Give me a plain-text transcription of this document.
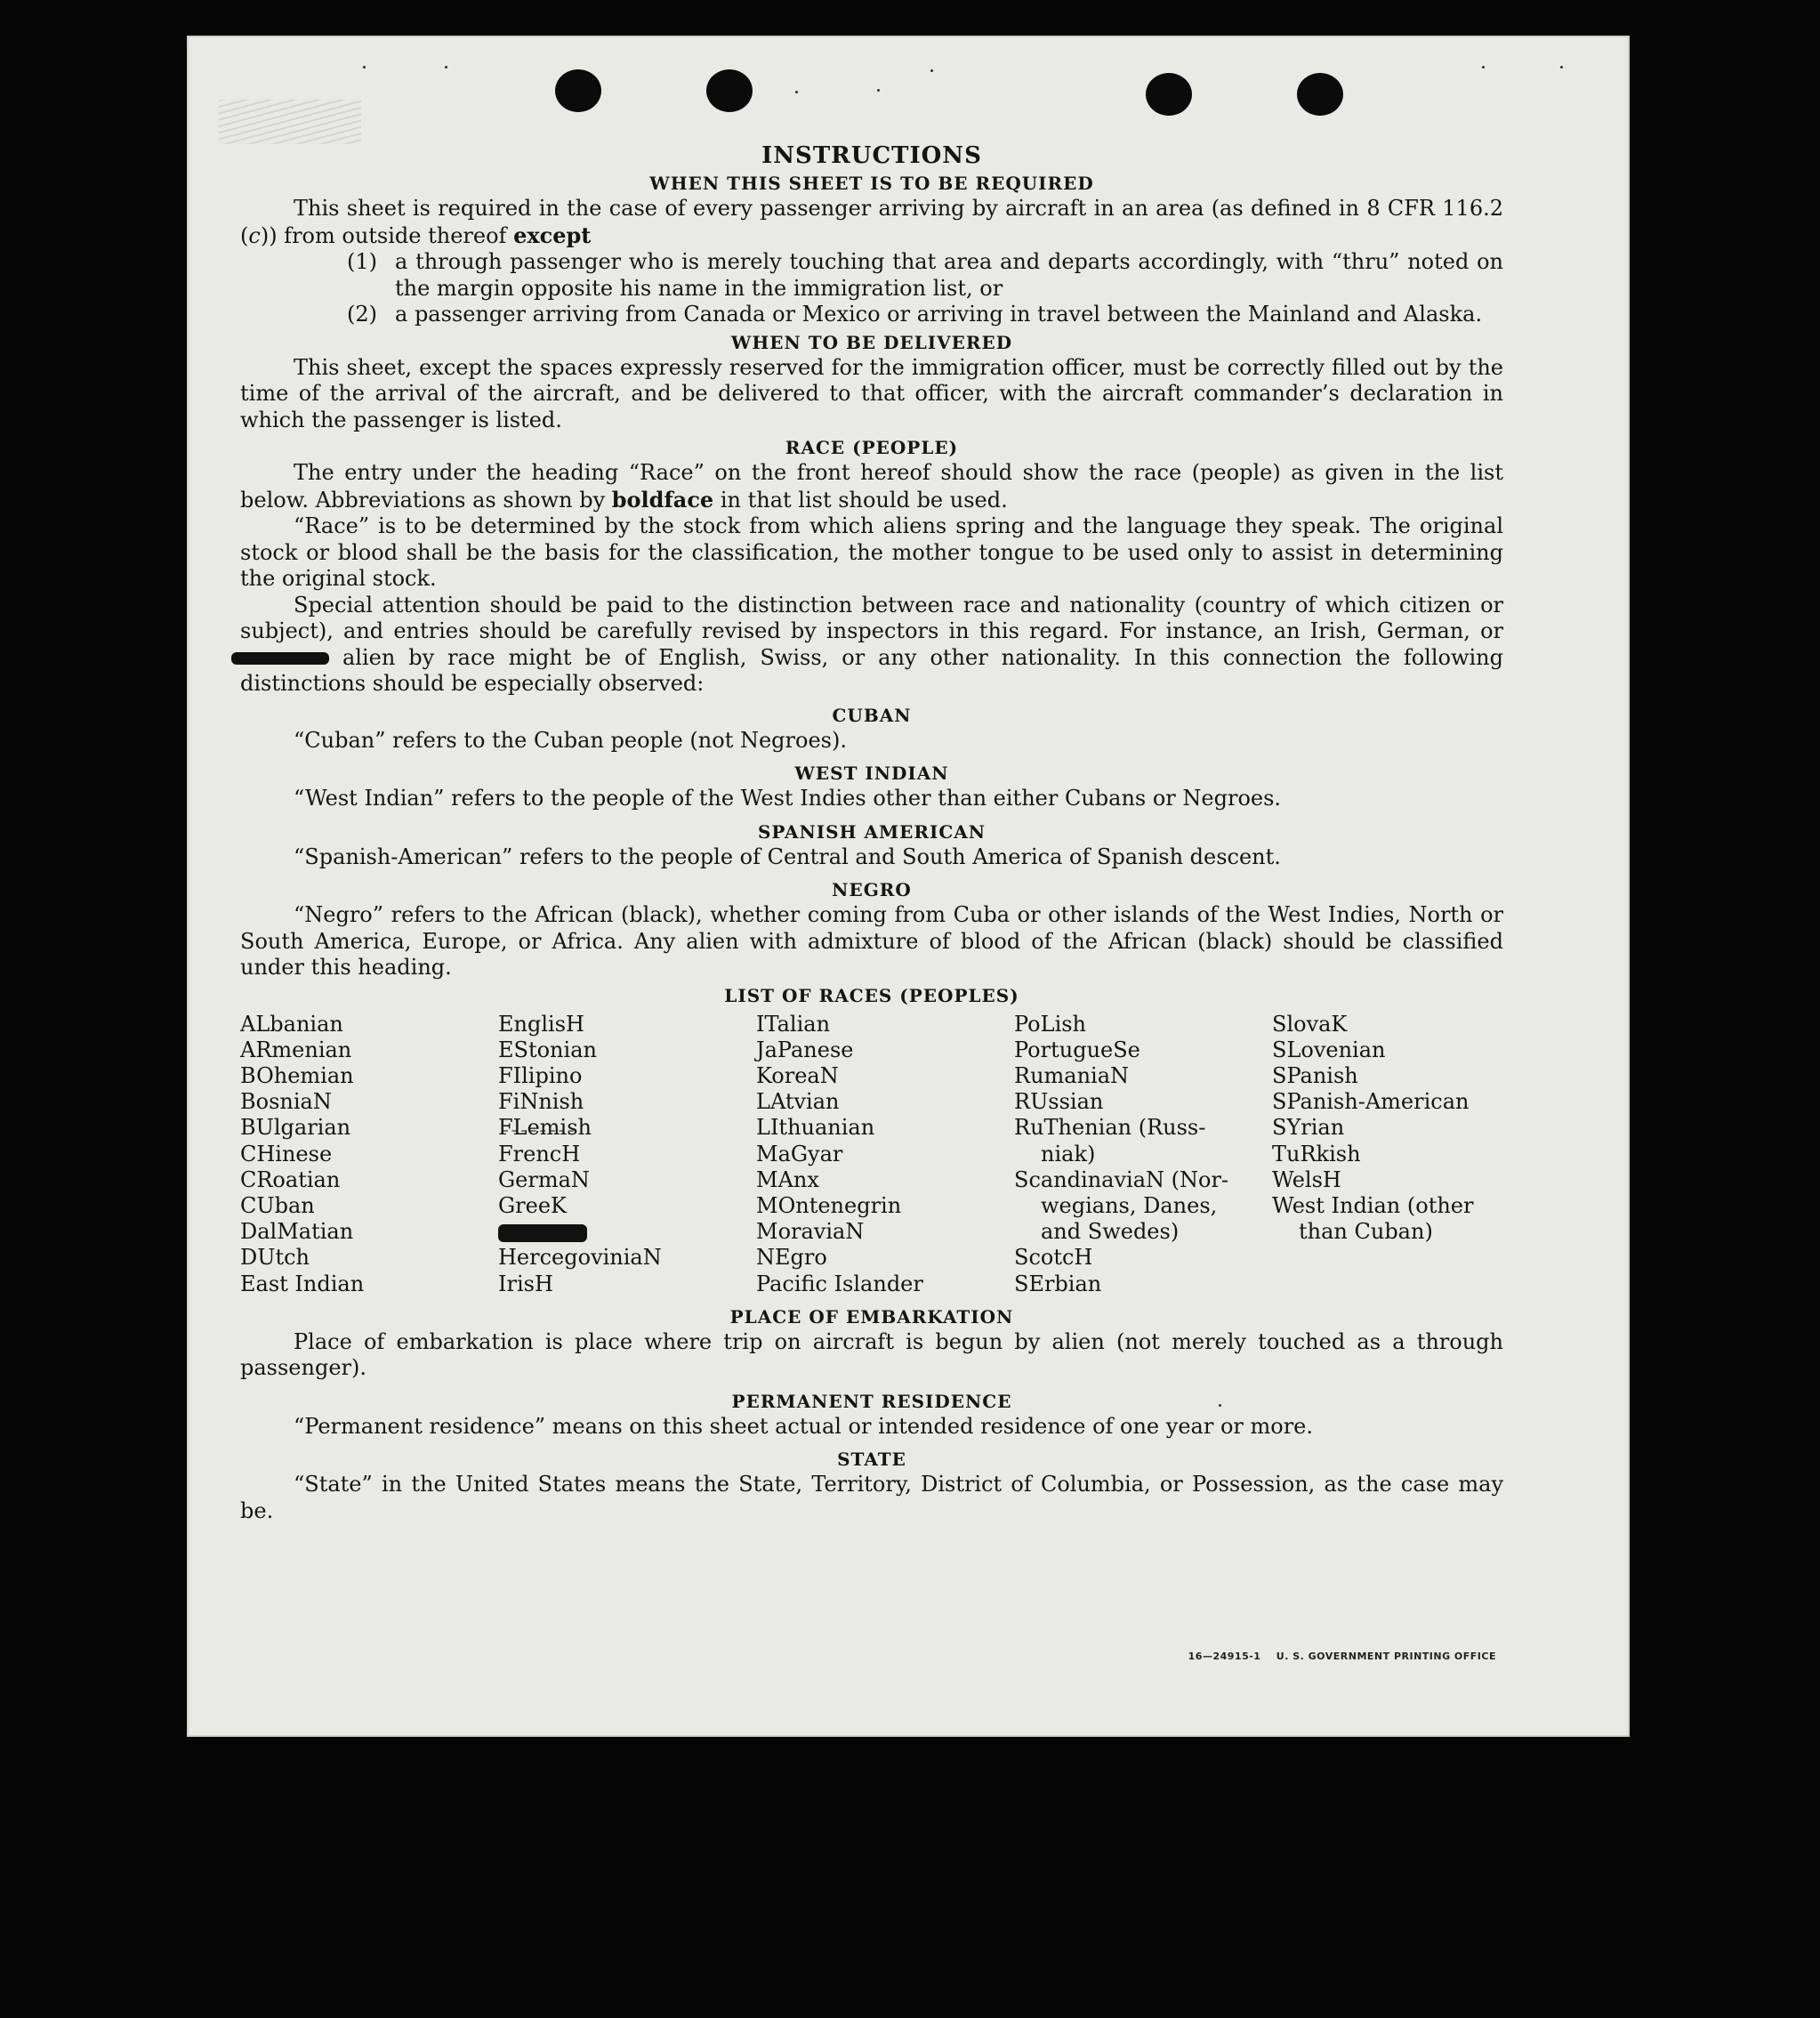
INSTRUCTIONS
WHEN THIS SHEET IS TO BE REQUIRED

This sheet is required in the case of every passenger arriving by aircraft in an area (as defined in 8 CFR 116.2 (c)) from outside thereof except

(1) a through passenger who is merely touching that area and departs accordingly, with “thru” noted on the margin opposite his name in the immigration list, or
(2) a passenger arriving from Canada or Mexico or arriving in travel between the Mainland and Alaska.
WHEN TO BE DELIVERED

This sheet, except the spaces expressly reserved for the immigration officer, must be correctly filled out by the time of the arrival of the aircraft, and be delivered to that officer, with the aircraft commander’s declaration in which the passenger is listed.

RACE (PEOPLE)

The entry under the heading “Race” on the front hereof should show the race (people) as given in the list below. Abbreviations as shown by boldface in that list should be used.

“Race” is to be determined by the stock from which aliens spring and the language they speak. The original stock or blood shall be the basis for the classification, the mother tongue to be used only to assist in determining the original stock.

Special attention should be paid to the distinction between race and nationality (country of which citizen or subject), and entries should be carefully revised by inspectors in this regard. For instance, an Irish, German, or  alien by race might be of English, Swiss, or any other nationality. In this connection the following distinctions should be especially observed:

CUBAN
“Cuban” refers to the Cuban people (not Negroes).
WEST INDIAN
“West Indian” refers to the people of the West Indies other than either Cubans or Negroes.
SPANISH AMERICAN
“Spanish-American” refers to the people of Central and South America of Spanish descent.
NEGRO

“Negro” refers to the African (black), whether coming from Cuba or other islands of the West Indies, North or South America, Europe, or Africa. Any alien with admixture of blood of the African (black) should be classified under this heading.

LIST OF RACES (PEOPLES)
ALbanian
ARmenian
BOhemian
BosniaN
BUlgarian
CHinese
CRoatian
CUban
DalMatian
DUtch
East Indian
EnglisH
EStonian
FIlipino
FiNnish
FLemish
FrencH
GermaN
GreeK
HercegoviniaN
IrisH
ITalian
JaPanese
KoreaN
LAtvian
LIthuanian
MaGyar
MAnx
MOntenegrin
MoraviaN
NEgro
Pacific Islander
PoLish
PortugueSe
RumaniaN
RUssian
RuThenian (Russ-
niak)
ScandinaviaN (Nor-
wegians, Danes,
and Swedes)
ScotcH
SErbian
SlovaK
SLovenian
SPanish
SPanish-American
SYrian
TuRkish
WelsH
West Indian (other
than Cuban)
PLACE OF EMBARKATION

Place of embarkation is place where trip on aircraft is begun by alien (not merely touched as a through passenger).

PERMANENT RESIDENCE
“Permanent residence” means on this sheet actual or intended residence of one year or more.
STATE

“State” in the United States means the State, Territory, District of Columbia, or Possession, as the case may be.

16—24915-1 U. S. GOVERNMENT PRINTING OFFICE
